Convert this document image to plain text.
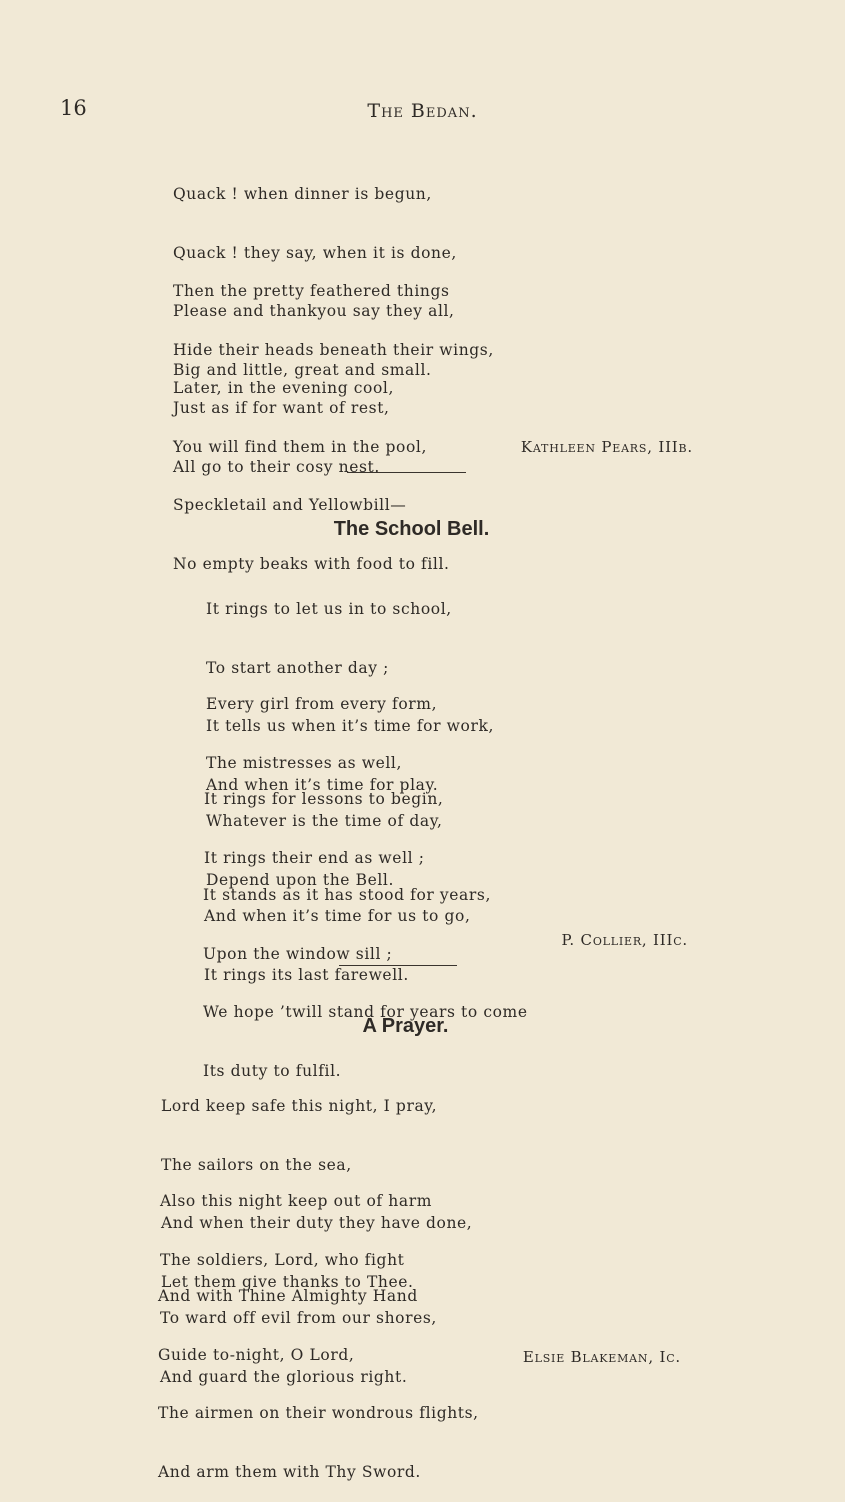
16	The Bedan.

Quack ! when dinner is begun,

Quack ! they say, when it is done,

Please and thankyou say they all,

Big and little, great and small.

Then the pretty feathered things

Hide their heads beneath their wings,

Just as if for want of rest,

All go to their cosy nest.

Later, in the evening cool,

You will find them in the pool,

Speckletail and Yellowbill—

No empty beaks with food to fill.

Kathleen Pears, IIIb.
The School Bell.

It rings to let us in to school,

To start another day ;

It tells us when it’s time for work,

And when it’s time for play.

Every girl from every form,

The mistresses as well,

Whatever is the time of day,

Depend upon the Bell.

It rings for lessons to begin,

It rings their end as well ;

And when it’s time for us to go,

It rings its last farewell.

It stands as it has stood for years,

Upon the window sill ;

We hope ’twill stand for years to come

Its duty to fulfil.

P. Collier, IIIc.
A Prayer.

Lord keep safe this night, I pray,

The sailors on the sea,

And when their duty they have done,

Let them give thanks to Thee.

Also this night keep out of harm

The soldiers, Lord, who fight

To ward off evil from our shores,

And guard the glorious right.

And with Thine Almighty Hand

Guide to-night, O Lord,

The airmen on their wondrous flights,

And arm them with Thy Sword.

Elsie Blakeman, Ic.
